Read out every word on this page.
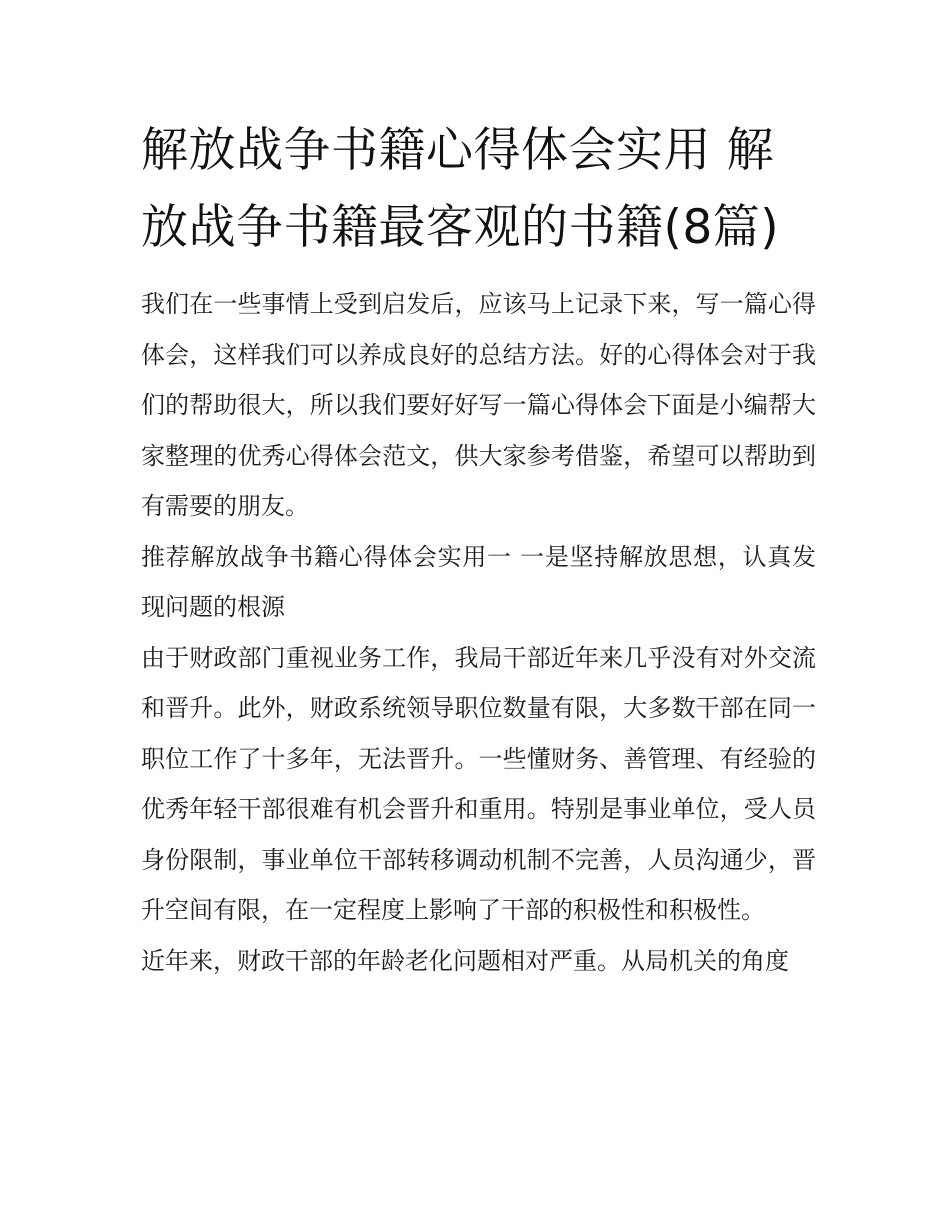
解放战争书籍心得体会实用 解放战争书籍最客观的书籍(8篇)

我们在一些事情上受到启发后，应该马上记录下来，写一篇心得体会，这样我们可以养成良好的总结方法。好的心得体会对于我们的帮助很大，所以我们要好好写一篇心得体会下面是小编帮大家整理的优秀心得体会范文，供大家参考借鉴，希望可以帮助到有需要的朋友。

推荐解放战争书籍心得体会实用一 一是坚持解放思想，认真发现问题的根源

由于财政部门重视业务工作，我局干部近年来几乎没有对外交流和晋升。此外，财政系统领导职位数量有限，大多数干部在同一职位工作了十多年，无法晋升。一些懂财务、善管理、有经验的优秀年轻干部很难有机会晋升和重用。特别是事业单位，受人员身份限制，事业单位干部转移调动机制不完善，人员沟通少，晋升空间有限，在一定程度上影响了干部的积极性和积极性。

近年来，财政干部的年龄老化问题相对严重。从局机关的角度
